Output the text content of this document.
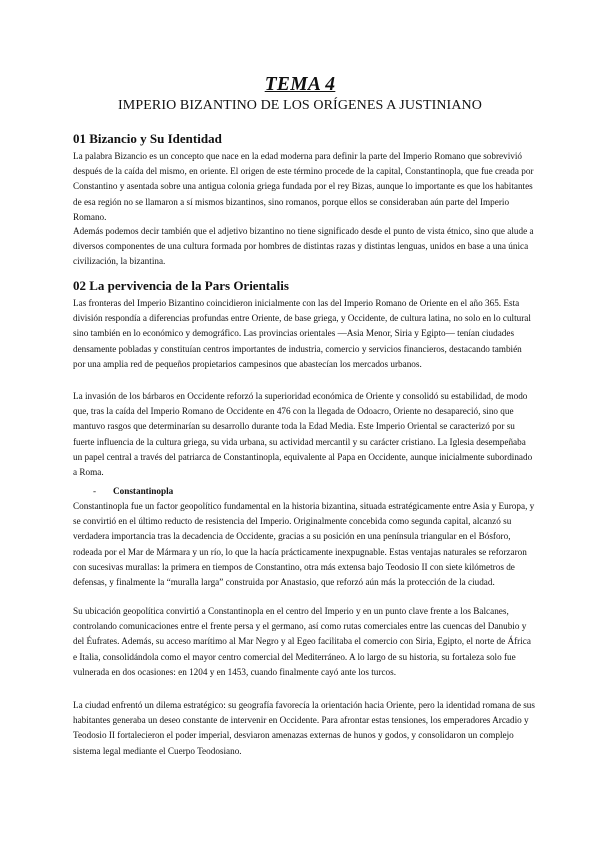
TEMA 4
IMPERIO BIZANTINO DE LOS ORÍGENES A JUSTINIANO
01 Bizancio y Su Identidad
La palabra Bizancio es un concepto que nace en la edad moderna para definir la parte del Imperio Romano que sobrevivió después de la caída del mismo, en oriente. El origen de este término procede de la capital, Constantinopla, que fue creada por Constantino y asentada sobre una antigua colonia griega fundada por el rey Bizas, aunque lo importante es que los habitantes de esa región no se llamaron a sí mismos bizantinos, sino romanos, porque ellos se consideraban aún parte del Imperio Romano.
Además podemos decir también que el adjetivo bizantino no tiene significado desde el punto de vista étnico, sino que alude a diversos componentes de una cultura formada por hombres de distintas razas y distintas lenguas, unidos en base a una única civilización, la bizantina.
02 La pervivencia de la Pars Orientalis
Las fronteras del Imperio Bizantino coincidieron inicialmente con las del Imperio Romano de Oriente en el año 365. Esta división respondía a diferencias profundas entre Oriente, de base griega, y Occidente, de cultura latina, no solo en lo cultural sino también en lo económico y demográfico. Las provincias orientales —Asia Menor, Siria y Egipto— tenían ciudades densamente pobladas y constituían centros importantes de industria, comercio y servicios financieros, destacando también por una amplia red de pequeños propietarios campesinos que abastecían los mercados urbanos.
La invasión de los bárbaros en Occidente reforzó la superioridad económica de Oriente y consolidó su estabilidad, de modo que, tras la caída del Imperio Romano de Occidente en 476 con la llegada de Odoacro, Oriente no desapareció, sino que mantuvo rasgos que determinarían su desarrollo durante toda la Edad Media. Este Imperio Oriental se caracterizó por su fuerte influencia de la cultura griega, su vida urbana, su actividad mercantil y su carácter cristiano. La Iglesia desempeñaba un papel central a través del patriarca de Constantinopla, equivalente al Papa en Occidente, aunque inicialmente subordinado a Roma.
- Constantinopla
Constantinopla fue un factor geopolítico fundamental en la historia bizantina, situada estratégicamente entre Asia y Europa, y se convirtió en el último reducto de resistencia del Imperio. Originalmente concebida como segunda capital, alcanzó su verdadera importancia tras la decadencia de Occidente, gracias a su posición en una península triangular en el Bósforo, rodeada por el Mar de Mármara y un río, lo que la hacía prácticamente inexpugnable. Estas ventajas naturales se reforzaron con sucesivas murallas: la primera en tiempos de Constantino, otra más extensa bajo Teodosio II con siete kilómetros de defensas, y finalmente la “muralla larga” construida por Anastasio, que reforzó aún más la protección de la ciudad.
Su ubicación geopolítica convirtió a Constantinopla en el centro del Imperio y en un punto clave frente a los Balcanes, controlando comunicaciones entre el frente persa y el germano, así como rutas comerciales entre las cuencas del Danubio y del Éufrates. Además, su acceso marítimo al Mar Negro y al Egeo facilitaba el comercio con Siria, Egipto, el norte de África e Italia, consolidándola como el mayor centro comercial del Mediterráneo. A lo largo de su historia, su fortaleza solo fue vulnerada en dos ocasiones: en 1204 y en 1453, cuando finalmente cayó ante los turcos.
La ciudad enfrentó un dilema estratégico: su geografía favorecía la orientación hacia Oriente, pero la identidad romana de sus habitantes generaba un deseo constante de intervenir en Occidente. Para afrontar estas tensiones, los emperadores Arcadio y Teodosio II fortalecieron el poder imperial, desviaron amenazas externas de hunos y godos, y consolidaron un complejo sistema legal mediante el Cuerpo Teodosiano.
